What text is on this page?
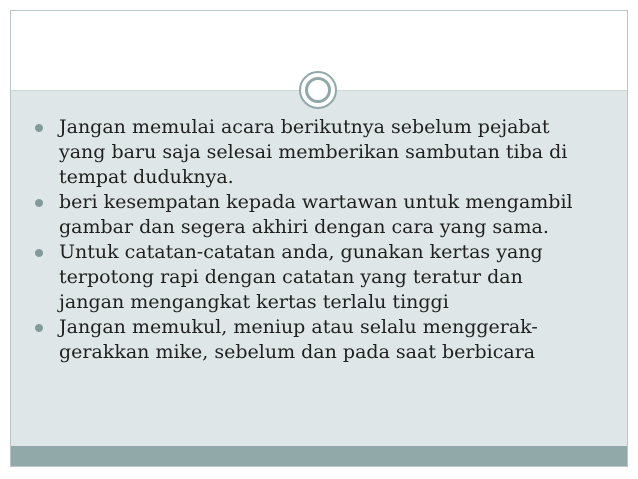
Jangan memulai acara berikutnya sebelum pejabat
yang baru saja selesai memberikan sambutan tiba di
tempat duduknya.
beri kesempatan kepada wartawan untuk mengambil
gambar dan segera akhiri dengan cara yang sama.
Untuk catatan-catatan anda, gunakan kertas yang
terpotong rapi dengan catatan yang teratur dan
jangan mengangkat kertas terlalu tinggi
Jangan memukul, meniup atau selalu menggerak-
gerakkan mike, sebelum dan pada saat berbicara
